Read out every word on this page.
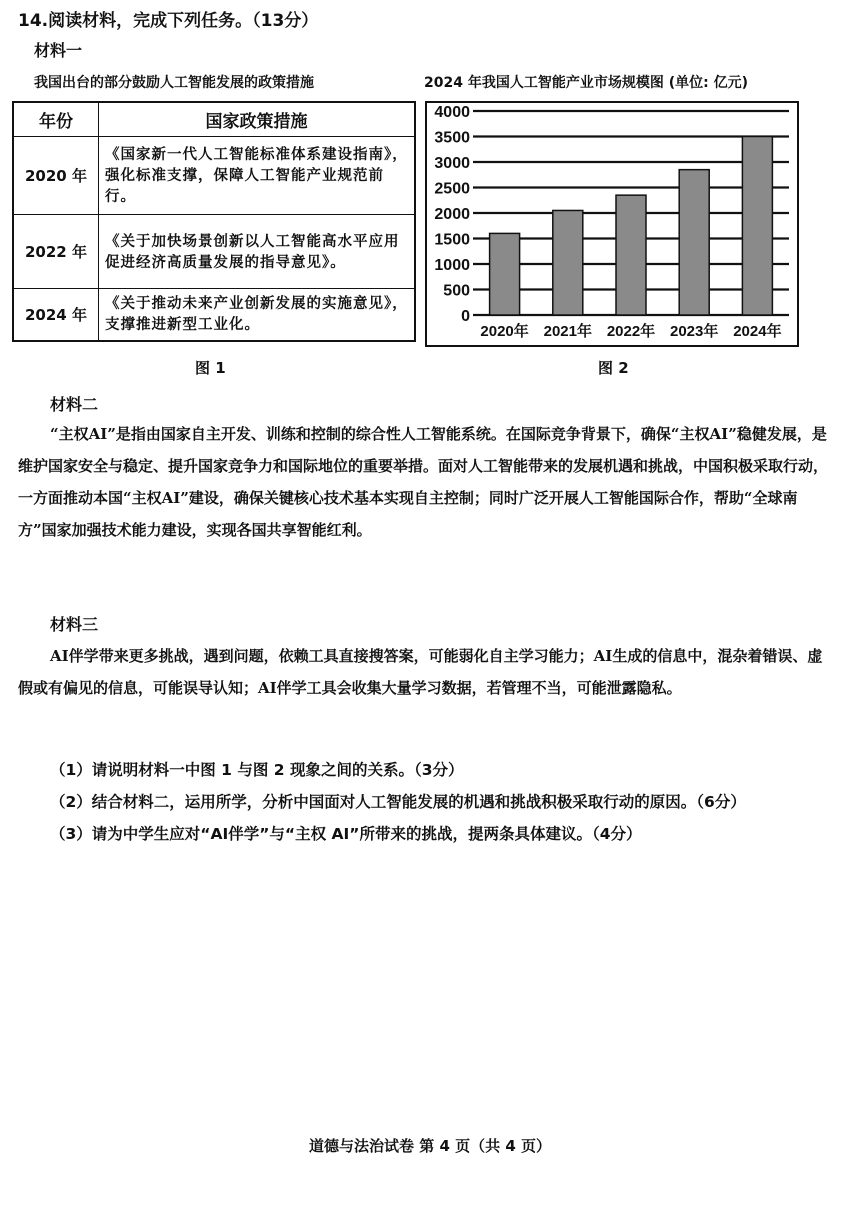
14.阅读材料，完成下列任务。（13分）
材料一
我国出台的部分鼓励人工智能发展的政策措施	2024 年我国人工智能产业市场规模图 (单位: 亿元)
年份	国家政策措施
2020 年	《国家新一代人工智能标准体系建设指南》，强化标准支撑，保障人工智能产业规范前行。
2022 年	《关于加快场景创新以人工智能高水平应用促进经济高质量发展的指导意见》。
2024 年	《关于推动未来产业创新发展的实施意见》，支撑推进新型工业化。	0
500
1000
1500
2000
2500
3000
3500
4000
2020年 2021年 2022年 2023年 2024年
图 1	图 2
材料二

“主权AI”是指由国家自主开发、训练和控制的综合性人工智能系统。在国际竞争背景下，确保“主权AI”稳健发展，是维护国家安全与稳定、提升国家竞争力和国际地位的重要举措。面对人工智能带来的发展机遇和挑战，中国积极采取行动，一方面推动本国“主权AI”建设，确保关键核心技术基本实现自主控制；同时广泛开展人工智能国际合作，帮助“全球南方”国家加强技术能力建设，实现各国共享智能红利。

材料三

AI伴学带来更多挑战，遇到问题，依赖工具直接搜答案，可能弱化自主学习能力；AI生成的信息中，混杂着错误、虚假或有偏见的信息，可能误导认知；AI伴学工具会收集大量学习数据，若管理不当，可能泄露隐私。

（1）请说明材料一中图 1 与图 2 现象之间的关系。（3分）

（2）结合材料二，运用所学，分析中国面对人工智能发展的机遇和挑战积极采取行动的原因。（6分）

（3）请为中学生应对“AI伴学”与“主权 AI”所带来的挑战，提两条具体建议。（4分）

道德与法治试卷 第 4 页（共 4 页）
